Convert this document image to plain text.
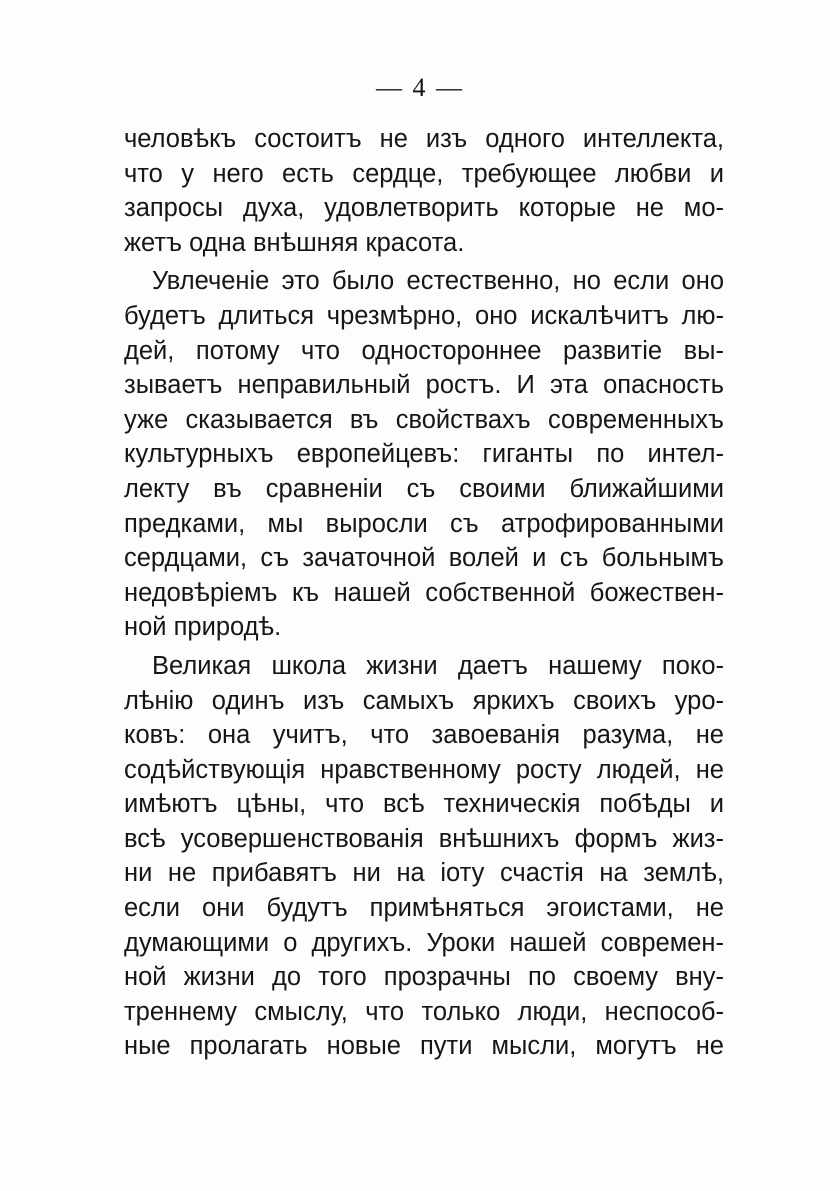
— 4 —
человѣкъ состоитъ не изъ одного интеллекта,
что у него есть сердце, требующее любви и
запросы духа, удовлетворить которые не мо-
жетъ одна внѣшняя красота.
Увлеченіе это было естественно, но если оно
будетъ длиться чрезмѣрно, оно искалѣчитъ лю-
дей, потому что одностороннее развитіе вы-
зываетъ неправильный ростъ. И эта опасность
уже сказывается въ свойствахъ современныхъ
культурныхъ европейцевъ: гиганты по интел-
лекту въ сравненіи съ своими ближайшими
предками, мы выросли съ атрофированными
сердцами, съ зачаточной волей и съ больнымъ
недовѣріемъ къ нашей собственной божествен-
ной природѣ.
Великая школа жизни даетъ нашему поко-
лѣнію одинъ изъ самыхъ яркихъ своихъ уро-
ковъ: она учитъ, что завоеванія разума, не
содѣйствующія нравственному росту людей, не
имѣютъ цѣны, что всѣ техническія побѣды и
всѣ усовершенствованія внѣшнихъ формъ жиз-
ни не прибавятъ ни на іоту счастія на землѣ,
если они будутъ примѣняться эгоистами, не
думающими о другихъ. Уроки нашей современ-
ной жизни до того прозрачны по своему вну-
треннему смыслу, что только люди, неспособ-
ные пролагать новые пути мысли, могутъ не
